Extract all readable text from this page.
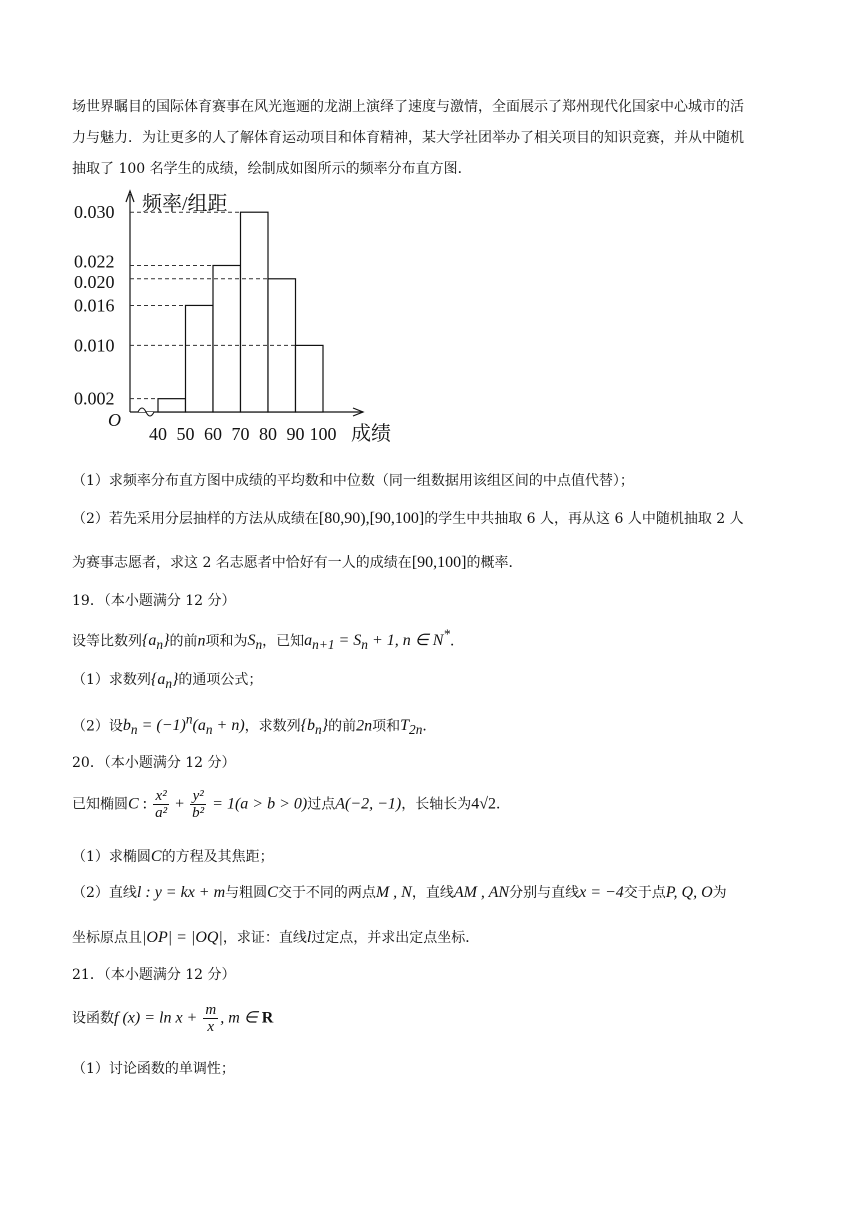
场世界瞩目的国际体育赛事在风光迤逦的龙湖上演绎了速度与激情，全面展示了郑州现代化国家中心城市的活
力与魅力．为让更多的人了解体育运动项目和体育精神，某大学社团举办了相关项目的知识竞赛，并从中随机
抽取了 100 名学生的成绩，绘制成如图所示的频率分布直方图．
0.030
0.022
0.020
0.016
0.010
0.002
40 50 60 70 80 90 100
O
频率/组距
成绩
（1）求频率分布直方图中成绩的平均数和中位数（同一组数据用该组区间的中点值代替）；
（2）若先采用分层抽样的方法从成绩在[80,90),[90,100]的学生中共抽取 6 人，再从这 6 人中随机抽取 2 人
为赛事志愿者，求这 2 名志愿者中恰好有一人的成绩在[90,100]的概率．
19．（本小题满分 12 分）
设等比数列$\{a_n\}$的前n项和为$S_n$，已知$a_{n+1} = S_n + 1$, n ∈ N*．
（1）求数列$\{a_n\}$的通项公式；
（2）设$b_n = (-1)^n(a_n + n)$，求数列$\{b_n\}$的前2n项和$T_{2n}$．
20．（本小题满分 12 分）
已知椭圆C : $\frac{\text{x²}}{\text{a²}} + \frac{\text{y²}}{\text{b²}} = 1(a > b > 0)$过点A(−2, −1)，长轴长为4√2．
（1）求椭圆C的方程及其焦距；
（2）直线l : y = kx + m与粗圆C交于不同的两点M , N，直线AM , AN分别与直线x = −4交于点P, Q, O为
坐标原点且|OP| = |OQ|，求证：直线l过定点，并求出定点坐标．
21．（本小题满分 12 分）
设函数f $(x) = \ln x + \frac{m}{x}$ , m ∈ R
（1）讨论函数的单调性；
